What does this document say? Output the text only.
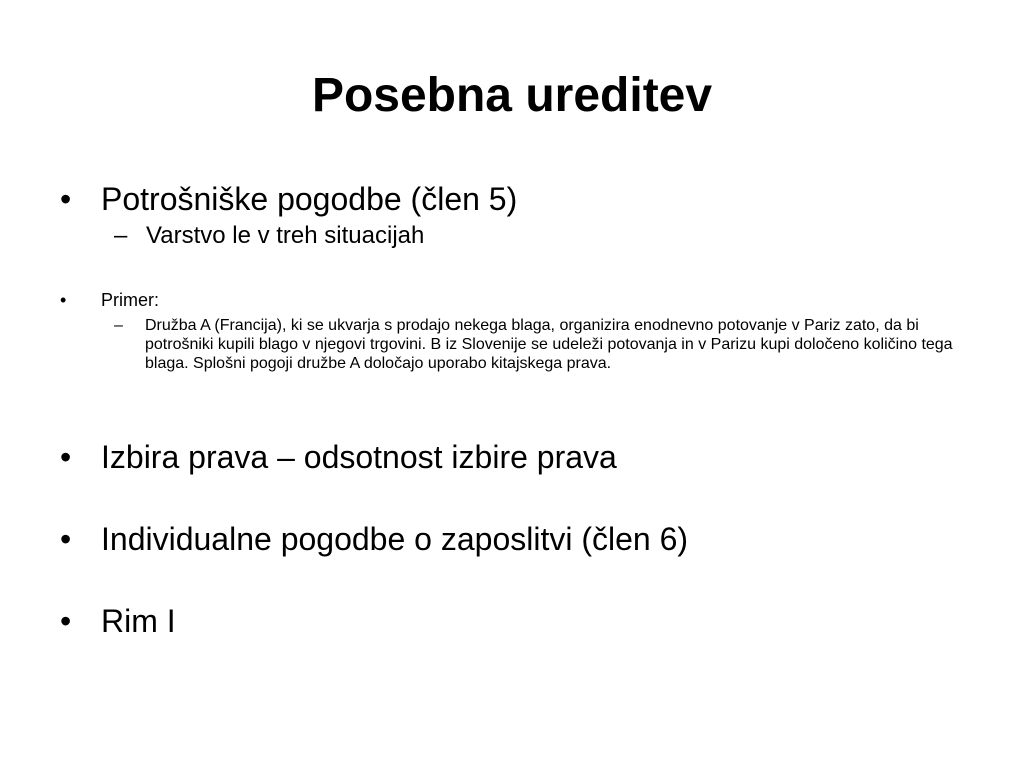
Posebna ureditev
• Potrošniške pogodbe (člen 5)
– Varstvo le v treh situacijah
• Primer:
– Družba A (Francija), ki se ukvarja s prodajo nekega blaga, organizira enodnevno potovanje v Pariz zato, da bi potrošniki kupili blago v njegovi trgovini. B iz Slovenije se udeleži potovanja in v Parizu kupi določeno količino tega blaga. Splošni pogoji družbe A določajo uporabo kitajskega prava.
• Izbira prava – odsotnost izbire prava
• Individualne pogodbe o zaposlitvi (člen 6)
• Rim I
